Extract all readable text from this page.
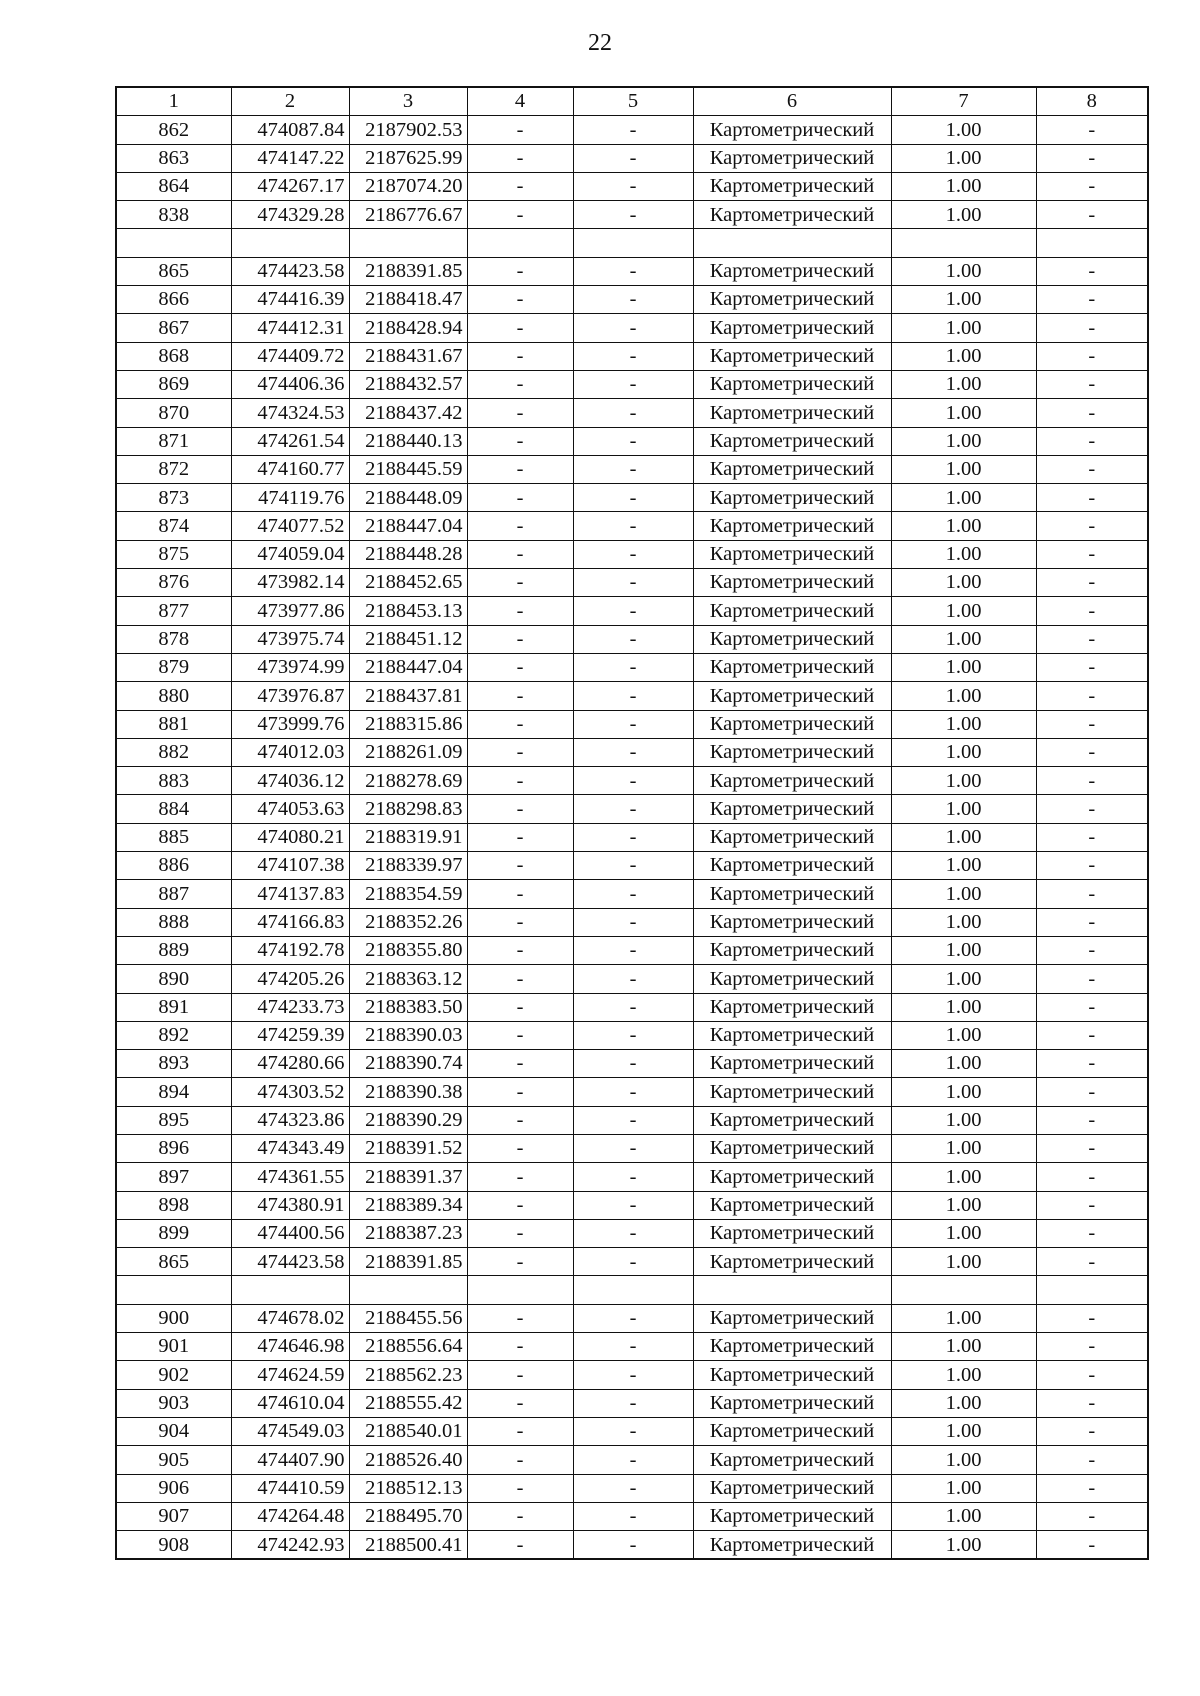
22
1	2	3	4	5	6	7	8
862	474087.84	2187902.53	-	-	Картометрический	1.00	-
863	474147.22	2187625.99	-	-	Картометрический	1.00	-
864	474267.17	2187074.20	-	-	Картометрический	1.00	-
838	474329.28	2186776.67	-	-	Картометрический	1.00	-

865	474423.58	2188391.85	-	-	Картометрический	1.00	-
866	474416.39	2188418.47	-	-	Картометрический	1.00	-
867	474412.31	2188428.94	-	-	Картометрический	1.00	-
868	474409.72	2188431.67	-	-	Картометрический	1.00	-
869	474406.36	2188432.57	-	-	Картометрический	1.00	-
870	474324.53	2188437.42	-	-	Картометрический	1.00	-
871	474261.54	2188440.13	-	-	Картометрический	1.00	-
872	474160.77	2188445.59	-	-	Картометрический	1.00	-
873	474119.76	2188448.09	-	-	Картометрический	1.00	-
874	474077.52	2188447.04	-	-	Картометрический	1.00	-
875	474059.04	2188448.28	-	-	Картометрический	1.00	-
876	473982.14	2188452.65	-	-	Картометрический	1.00	-
877	473977.86	2188453.13	-	-	Картометрический	1.00	-
878	473975.74	2188451.12	-	-	Картометрический	1.00	-
879	473974.99	2188447.04	-	-	Картометрический	1.00	-
880	473976.87	2188437.81	-	-	Картометрический	1.00	-
881	473999.76	2188315.86	-	-	Картометрический	1.00	-
882	474012.03	2188261.09	-	-	Картометрический	1.00	-
883	474036.12	2188278.69	-	-	Картометрический	1.00	-
884	474053.63	2188298.83	-	-	Картометрический	1.00	-
885	474080.21	2188319.91	-	-	Картометрический	1.00	-
886	474107.38	2188339.97	-	-	Картометрический	1.00	-
887	474137.83	2188354.59	-	-	Картометрический	1.00	-
888	474166.83	2188352.26	-	-	Картометрический	1.00	-
889	474192.78	2188355.80	-	-	Картометрический	1.00	-
890	474205.26	2188363.12	-	-	Картометрический	1.00	-
891	474233.73	2188383.50	-	-	Картометрический	1.00	-
892	474259.39	2188390.03	-	-	Картометрический	1.00	-
893	474280.66	2188390.74	-	-	Картометрический	1.00	-
894	474303.52	2188390.38	-	-	Картометрический	1.00	-
895	474323.86	2188390.29	-	-	Картометрический	1.00	-
896	474343.49	2188391.52	-	-	Картометрический	1.00	-
897	474361.55	2188391.37	-	-	Картометрический	1.00	-
898	474380.91	2188389.34	-	-	Картометрический	1.00	-
899	474400.56	2188387.23	-	-	Картометрический	1.00	-
865	474423.58	2188391.85	-	-	Картометрический	1.00	-

900	474678.02	2188455.56	-	-	Картометрический	1.00	-
901	474646.98	2188556.64	-	-	Картометрический	1.00	-
902	474624.59	2188562.23	-	-	Картометрический	1.00	-
903	474610.04	2188555.42	-	-	Картометрический	1.00	-
904	474549.03	2188540.01	-	-	Картометрический	1.00	-
905	474407.90	2188526.40	-	-	Картометрический	1.00	-
906	474410.59	2188512.13	-	-	Картометрический	1.00	-
907	474264.48	2188495.70	-	-	Картометрический	1.00	-
908	474242.93	2188500.41	-	-	Картометрический	1.00	-
